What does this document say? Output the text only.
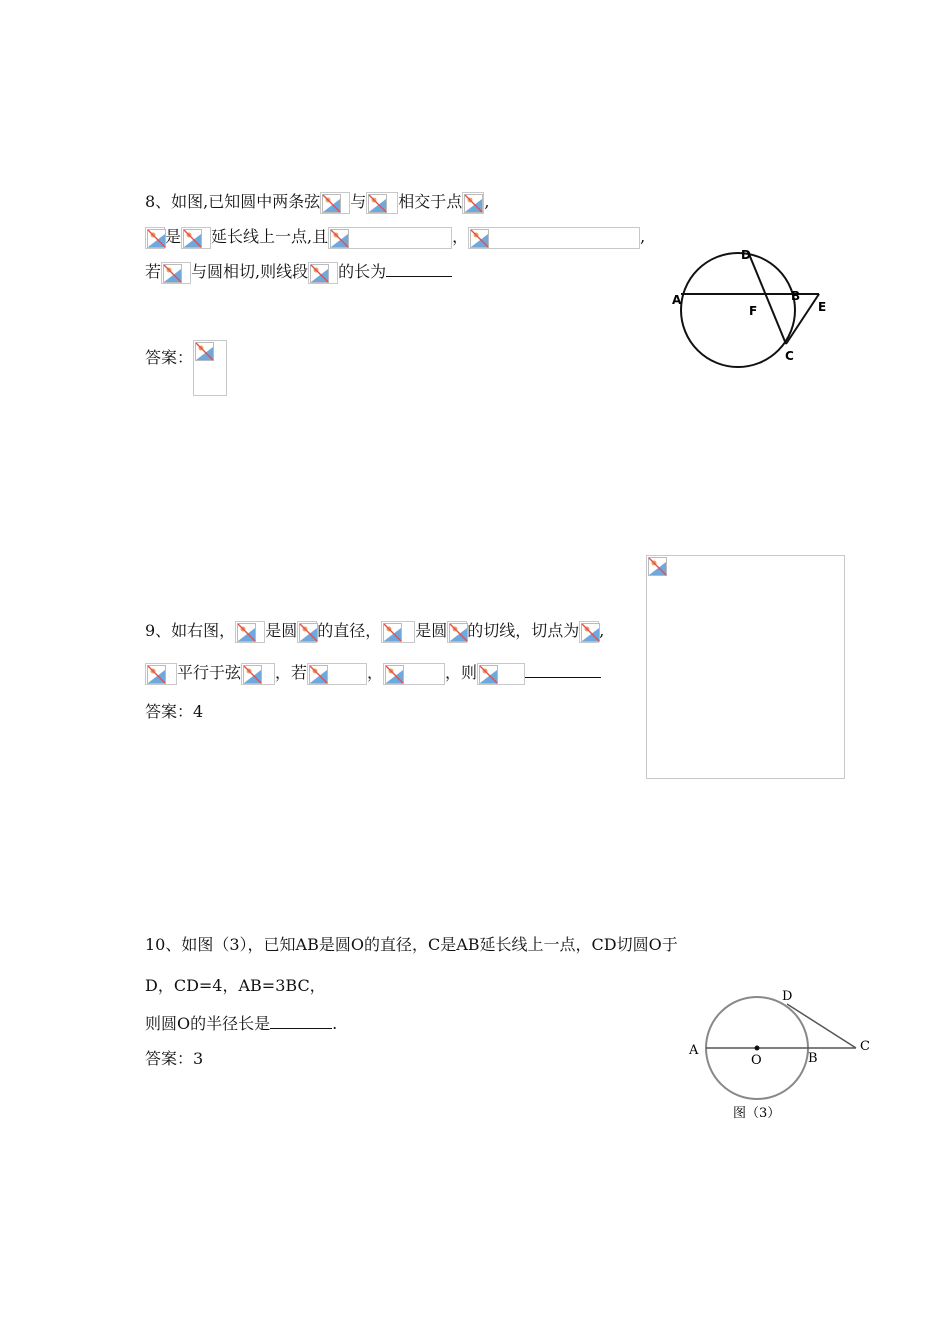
8、如图,已知圆中两条弦 与 相交于点 ,
是 延长线上一点,且	，	,
若 与圆相切,则线段 的长为
答案：
D
A	B
E
F
C
9、如右图， 是圆 的直径， 是圆 的切线，切点为 ,
平行于弦 ，若	，	，则
答案：4
10、如图（3），已知AB是圆O的直径，C是AB延长线上一点，CD切圆O于
D，CD=4，AB=3BC，
则圆O的半径长是	.
答案：3
D
A
O	B
C
图（3）
